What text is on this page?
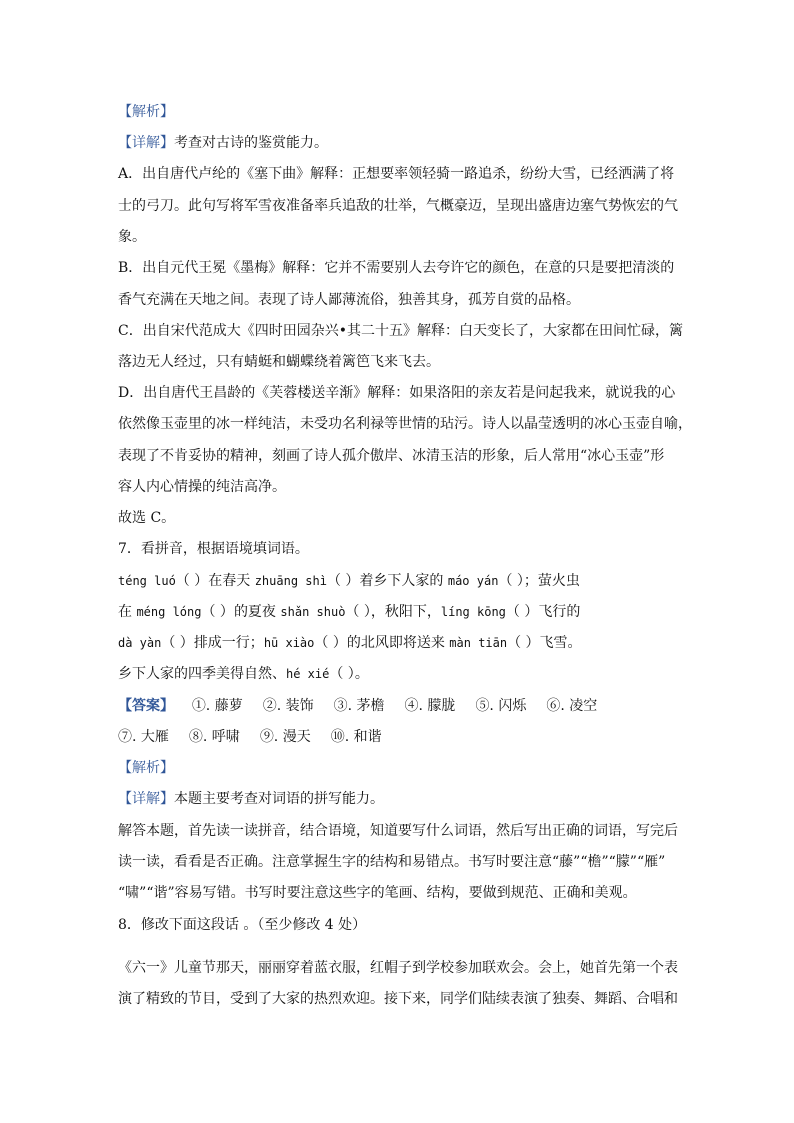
【解析】
【详解】考查对古诗的鉴赏能力。
A．出自唐代卢纶的《塞下曲》解释：正想要率领轻骑一路追杀，纷纷大雪，已经洒满了将
士的弓刀。此句写将军雪夜准备率兵追敌的壮举，气概豪迈，呈现出盛唐边塞气势恢宏的气
象。
B．出自元代王冕《墨梅》解释：它并不需要别人去夸许它的颜色，在意的只是要把清淡的
香气充满在天地之间。表现了诗人鄙薄流俗，独善其身，孤芳自赏的品格。
C．出自宋代范成大《四时田园杂兴•其二十五》解释：白天变长了，大家都在田间忙碌，篱
落边无人经过，只有蜻蜓和蝴蝶绕着篱笆飞来飞去。
D．出自唐代王昌龄的《芙蓉楼送辛渐》解释：如果洛阳的亲友若是问起我来，就说我的心
依然像玉壶里的冰一样纯洁，未受功名利禄等世情的玷污。诗人以晶莹透明的冰心玉壶自喻，
表现了不肯妥协的精神，刻画了诗人孤介傲岸、冰清玉洁的形象，后人常用“冰心玉壶”形
容人内心情操的纯洁高净。
故选 C。
7．看拼音，根据语境填词语。
téng luó（ ）在春天 zhuāng shì（ ）着乡下人家的 máo yán（ ）；萤火虫
在 méng lóng（ ）的夏夜 shǎn shuò（ ），秋阳下，líng kōng（ ）飞行的
dà yàn（ ）排成一行；hū xiào（ ）的北风即将送来 màn tiān（ ）飞雪。
乡下人家的四季美得自然、hé xié（ ）。
【答案】 ①. 藤萝 ②. 装饰 ③. 茅檐 ④. 朦胧 ⑤. 闪烁 ⑥. 凌空
⑦. 大雁 ⑧. 呼啸 ⑨. 漫天 ⑩. 和谐
【解析】
【详解】本题主要考查对词语的拼写能力。
解答本题，首先读一读拼音，结合语境，知道要写什么词语，然后写出正确的词语，写完后
读一读，看看是否正确。注意掌握生字的结构和易错点。书写时要注意“藤”“檐”“朦”“雁”
“啸”“谐”容易写错。书写时要注意这些字的笔画、结构，要做到规范、正确和美观。
8．修改下面这段话 。（至少修改 4 处）
《六一》儿童节那天，丽丽穿着蓝衣服，红帽子到学校参加联欢会。会上，她首先第一个表
演了精致的节目，受到了大家的热烈欢迎。接下来，同学们陆续表演了独奏、舞蹈、合唱和
